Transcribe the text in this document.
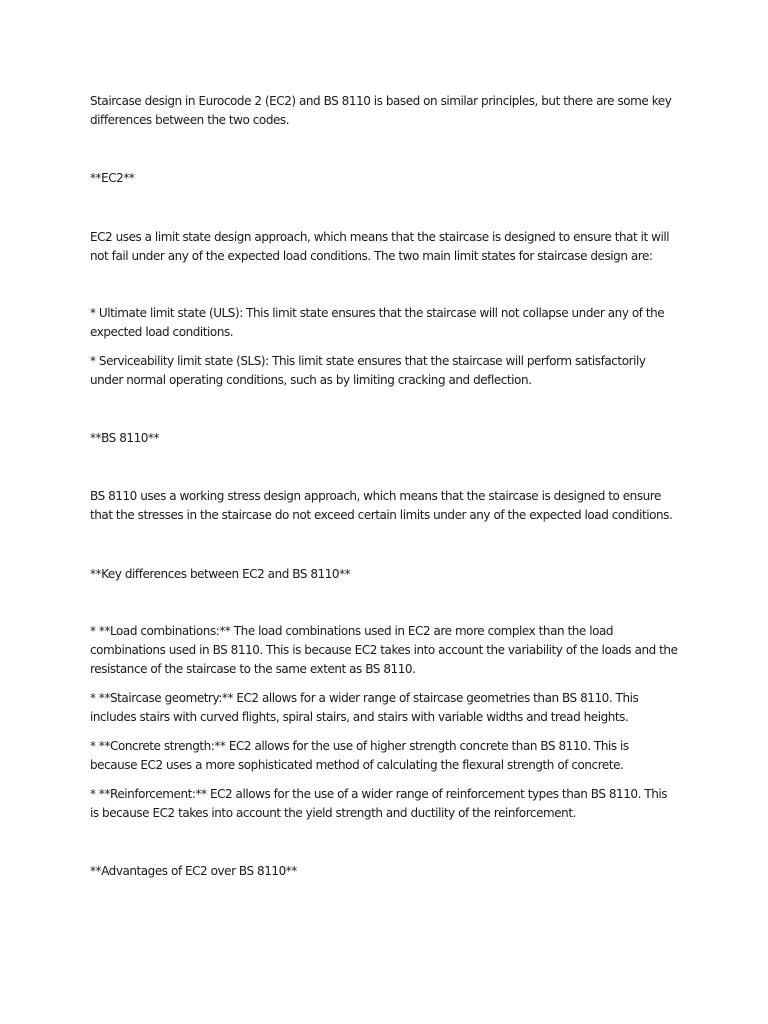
Staircase design in Eurocode 2 (EC2) and BS 8110 is based on similar principles, but there are some key

differences between the two codes.

**EC2**

EC2 uses a limit state design approach, which means that the staircase is designed to ensure that it will

not fail under any of the expected load conditions. The two main limit states for staircase design are:

* Ultimate limit state (ULS): This limit state ensures that the staircase will not collapse under any of the

expected load conditions.

* Serviceability limit state (SLS): This limit state ensures that the staircase will perform satisfactorily

under normal operating conditions, such as by limiting cracking and deflection.

**BS 8110**

BS 8110 uses a working stress design approach, which means that the staircase is designed to ensure

that the stresses in the staircase do not exceed certain limits under any of the expected load conditions.

**Key differences between EC2 and BS 8110**

* **Load combinations:** The load combinations used in EC2 are more complex than the load

combinations used in BS 8110. This is because EC2 takes into account the variability of the loads and the

resistance of the staircase to the same extent as BS 8110.

* **Staircase geometry:** EC2 allows for a wider range of staircase geometries than BS 8110. This

includes stairs with curved flights, spiral stairs, and stairs with variable widths and tread heights.

* **Concrete strength:** EC2 allows for the use of higher strength concrete than BS 8110. This is

because EC2 uses a more sophisticated method of calculating the flexural strength of concrete.

* **Reinforcement:** EC2 allows for the use of a wider range of reinforcement types than BS 8110. This

is because EC2 takes into account the yield strength and ductility of the reinforcement.

**Advantages of EC2 over BS 8110**
